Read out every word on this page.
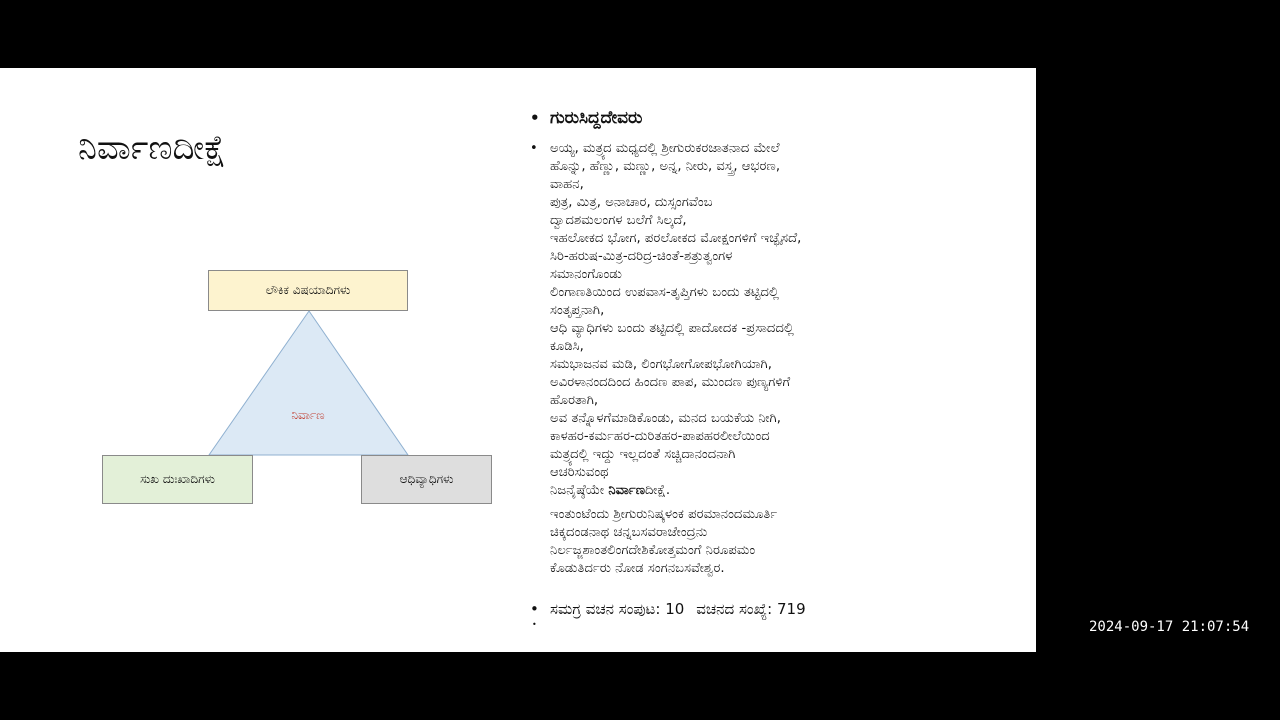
ನಿರ್ವಾಣದೀಕ್ಷೆ
ಲೌಕಿಕ ವಿಷಯಾದಿಗಳು
ಸುಖ ದುಃಖಾದಿಗಳು	ಆಧಿವ್ಯಾಧಿಗಳು
ನಿರ್ವಾಣ
• ಗುರುಸಿದ್ದದೇವರು
• ಅಯ್ಯ, ಮತ್ರ್ಯದ ಮಧ್ಯದಲ್ಲಿ ಶ್ರೀಗುರುಕರಜಾತನಾದ ಮೇಲೆ
ಹೊನ್ನು, ಹೆಣ್ಣು, ಮಣ್ಣು, ಅನ್ನ, ನೀರು, ವಸ್ತ್ರ, ಆಭರಣ,
ವಾಹನ,
ಪುತ್ರ, ಮಿತ್ರ, ಅನಾಚಾರ, ದುಸ್ಸಂಗವೆಂಬ
ದ್ವಾದಶಮಲಂಗಳ ಬಲೆಗೆ ಸಿಲ್ಕದೆ,
ಇಹಲೋಕದ ಭೋಗ, ಪರಲೋಕದ ಮೋಕ್ಷಂಗಳಿಗೆ ಇಚ್ಫೈಸದೆ,
ಸಿರಿ-ಹರುಷ-ಮಿತ್ರ-ದರಿದ್ರ-ಚಿಂತೆ-ಶತ್ರುತ್ವಂಗಳ
ಸಮಾನಂಗೊಂಡು
ಲಿಂಗಾಣತಿಯಿಂದ ಉಪವಾಸ-ತೃಪ್ತಿಗಳು ಬಂದು ತಟ್ಟಿದಲ್ಲಿ
ಸಂತೃಪ್ತನಾಗಿ,
ಆಧಿ ವ್ಯಾಧಿಗಳು ಬಂದು ತಟ್ಟಿದಲ್ಲಿ ಪಾದೋದಕ -ಪ್ರಸಾದದಲ್ಲಿ
ಕೂಡಿಸಿ,
ಸಮಭಾಜನವ ಮಡಿ, ಲಿಂಗಭೋಗೋಪಭೋಗಿಯಾಗಿ,
ಅವಿರಳಾನಂದದಿಂದ ಹಿಂದಣ ಪಾಪ, ಮುಂದಣ ಪುಣ್ಯಗಳಿಗೆ
ಹೊರತಾಗಿ,
ಅವ ತನ್ನೊಳಗೆಮಾಡಿಕೊಂಡು, ಮನದ ಬಯಕೆಯ ನೀಗಿ,
ಕಾಳಹರ-ಕರ್ಮಹರ-ದುರಿತಹರ-ಪಾಪಹರಲೀಲೆಯಿಂದ
ಮತ್ರ್ಯದಲ್ಲಿ ಇದ್ದು ಇಲ್ಲದಂತೆ ಸಚ್ಚಿದಾನಂದನಾಗಿ
ಆಚರಿಸುವಂಥ
ನಿಜನೈಷ್ಠೆಯೇ ನಿರ್ವಾಣದೀಕ್ಷೆ.
ಇಂತುಂಟೆಂದು ಶ್ರೀಗುರುನಿಷ್ಕಳಂಕ ಪರಮಾನಂದಮೂರ್ತಿ
ಚಿಕ್ಕದಂಡನಾಥ ಚನ್ನಬಸವರಾಜೇಂದ್ರನು
ನಿರ್ಲಜ್ಜಶಾಂತಲಿಂಗದೇಶಿಕೋತ್ತಮಂಗೆ ನಿರೂಪಮಂ
ಕೊಡುತಿರ್ದರು ನೋಡ ಸಂಗನಬಸವೇಶ್ವರ.
• ಸಮಗ್ರ ವಚನ ಸಂಪುಟ:
10 ವಚನದ ಸಂಖ್ಯೆ:
719
•	2024-09-17 21:07:54
